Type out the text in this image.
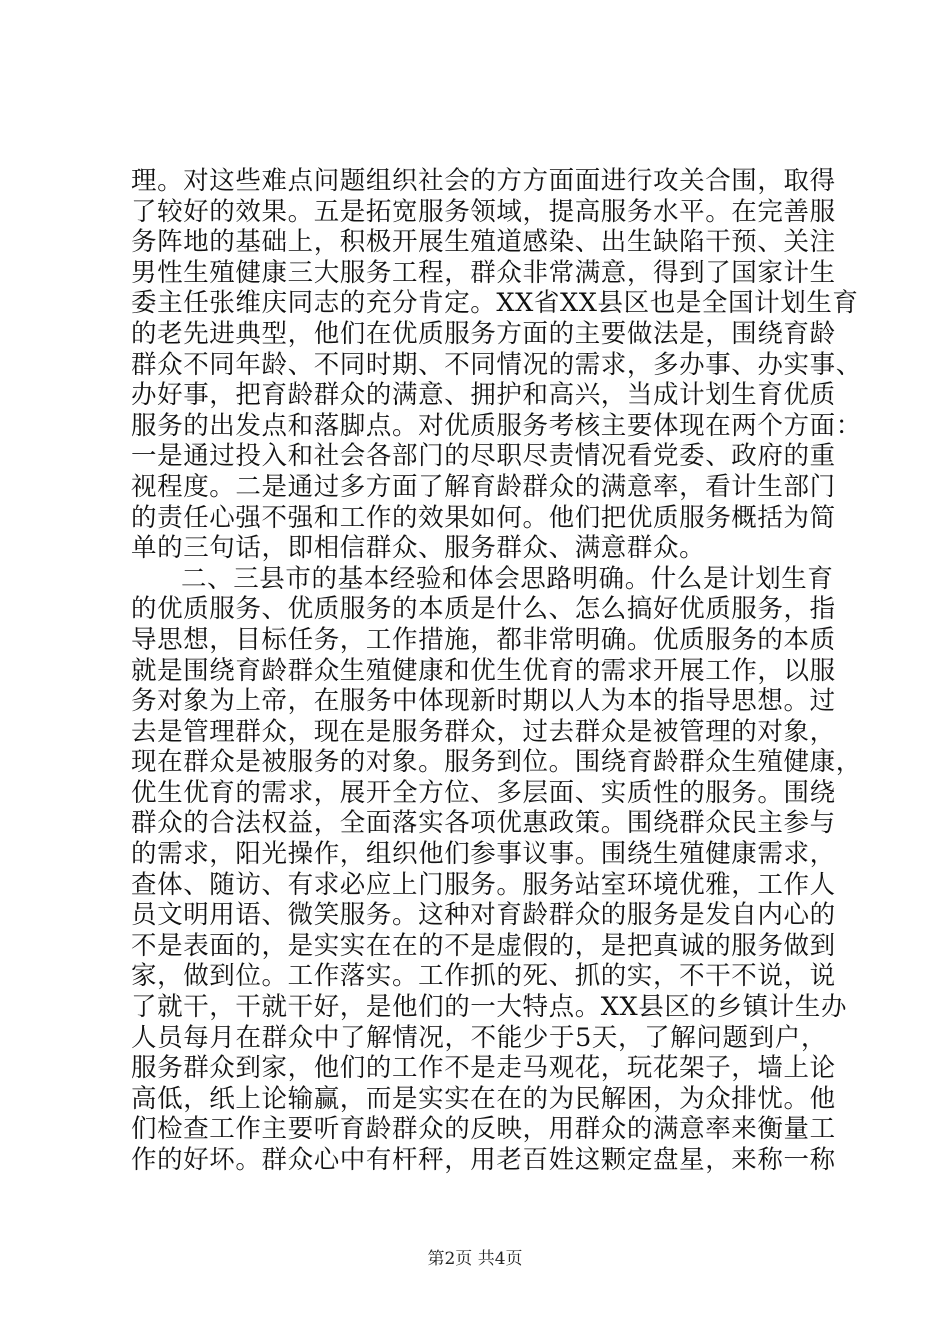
理。对这些难点问题组织社会的方方面面进行攻关合围，取得
了较好的效果。五是拓宽服务领域，提高服务水平。在完善服
务阵地的基础上，积极开展生殖道感染、出生缺陷干预、关注
男性生殖健康三大服务工程，群众非常满意，得到了国家计生
委主任张维庆同志的充分肯定。XX省XX县区也是全国计划生育
的老先进典型，他们在优质服务方面的主要做法是，围绕育龄
群众不同年龄、不同时期、不同情况的需求，多办事、办实事、
办好事，把育龄群众的满意、拥护和高兴，当成计划生育优质
服务的出发点和落脚点。对优质服务考核主要体现在两个方面：
一是通过投入和社会各部门的尽职尽责情况看党委、政府的重
视程度。二是通过多方面了解育龄群众的满意率，看计生部门
的责任心强不强和工作的效果如何。他们把优质服务概括为简
单的三句话，即相信群众、服务群众、满意群众。
二、三县市的基本经验和体会思路明确。什么是计划生育
的优质服务、优质服务的本质是什么、怎么搞好优质服务，指
导思想，目标任务，工作措施，都非常明确。优质服务的本质
就是围绕育龄群众生殖健康和优生优育的需求开展工作，以服
务对象为上帝，在服务中体现新时期以人为本的指导思想。过
去是管理群众，现在是服务群众，过去群众是被管理的对象，
现在群众是被服务的对象。服务到位。围绕育龄群众生殖健康，
优生优育的需求，展开全方位、多层面、实质性的服务。围绕
群众的合法权益，全面落实各项优惠政策。围绕群众民主参与
的需求，阳光操作，组织他们参事议事。围绕生殖健康需求，
查体、随访、有求必应上门服务。服务站室环境优雅，工作人
员文明用语、微笑服务。这种对育龄群众的服务是发自内心的
不是表面的，是实实在在的不是虚假的，是把真诚的服务做到
家，做到位。工作落实。工作抓的死、抓的实，不干不说，说
了就干，干就干好，是他们的一大特点。XX县区的乡镇计生办
人员每月在群众中了解情况，不能少于5天，了解问题到户，
服务群众到家，他们的工作不是走马观花，玩花架子，墙上论
高低，纸上论输赢，而是实实在在的为民解困，为众排忧。他
们检查工作主要听育龄群众的反映，用群众的满意率来衡量工
作的好坏。群众心中有杆秤，用老百姓这颗定盘星，来称一称
第2页 共4页
